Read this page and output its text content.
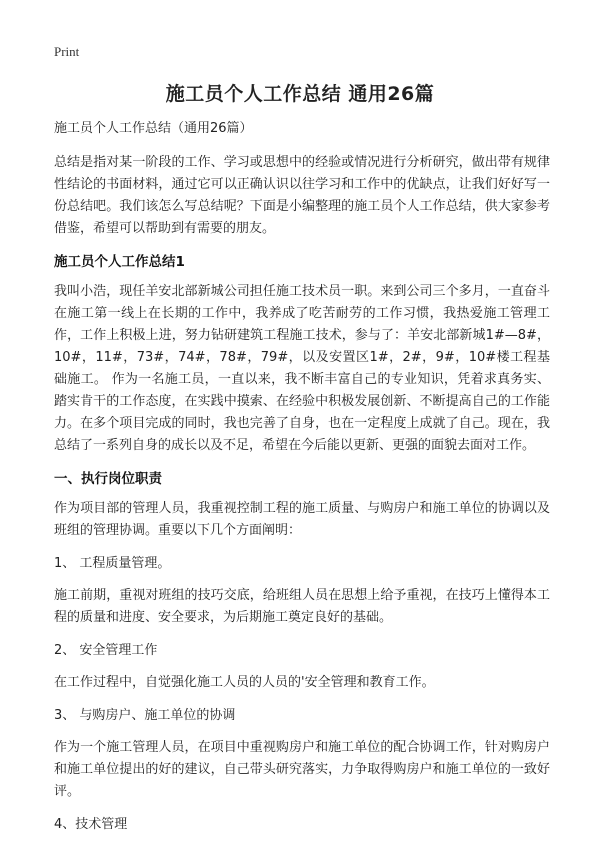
Print
施工员个人工作总结 通用26篇

施工员个人工作总结（通用26篇）

总结是指对某一阶段的工作、学习或思想中的经验或情况进行分析研究，做出带有规律性结论的书面材料，通过它可以正确认识以往学习和工作中的优缺点，让我们好好写一份总结吧。我们该怎么写总结呢？下面是小编整理的施工员个人工作总结，供大家参考借鉴，希望可以帮助到有需要的朋友。

施工员个人工作总结1

我叫小浩，现任羊安北部新城公司担任施工技术员一职。来到公司三个多月，一直奋斗在施工第一线上在长期的工作中，我养成了吃苦耐劳的工作习惯，我热爱施工管理工作，工作上积极上进，努力钻研建筑工程施工技术，参与了：羊安北部新城1#—8#，10#，11#，73#，74#，78#，79#，以及安置区1#，2#，9#，10#楼工程基础施工。 作为一名施工员，一直以来，我不断丰富自己的专业知识，凭着求真务实、踏实肯干的工作态度，在实践中摸索、在经验中积极发展创新、不断提高自己的工作能力。在多个项目完成的同时，我也完善了自身，也在一定程度上成就了自己。现在，我总结了一系列自身的成长以及不足，希望在今后能以更新、更强的面貌去面对工作。

一、执行岗位职责

作为项目部的管理人员，我重视控制工程的施工质量、与购房户和施工单位的协调以及班组的管理协调。重要以下几个方面阐明：

1、 工程质量管理。

施工前期，重视对班组的技巧交底，给班组人员在思想上给予重视，在技巧上懂得本工程的质量和进度、安全要求，为后期施工奠定良好的基础。

2、 安全管理工作

在工作过程中，自觉强化施工人员的人员的'安全管理和教育工作。

3、 与购房户、施工单位的协调

作为一个施工管理人员，在项目中重视购房户和施工单位的配合协调工作，针对购房户和施工单位提出的好的建议，自己带头研究落实，力争取得购房户和施工单位的一致好评。

4、技术管理
